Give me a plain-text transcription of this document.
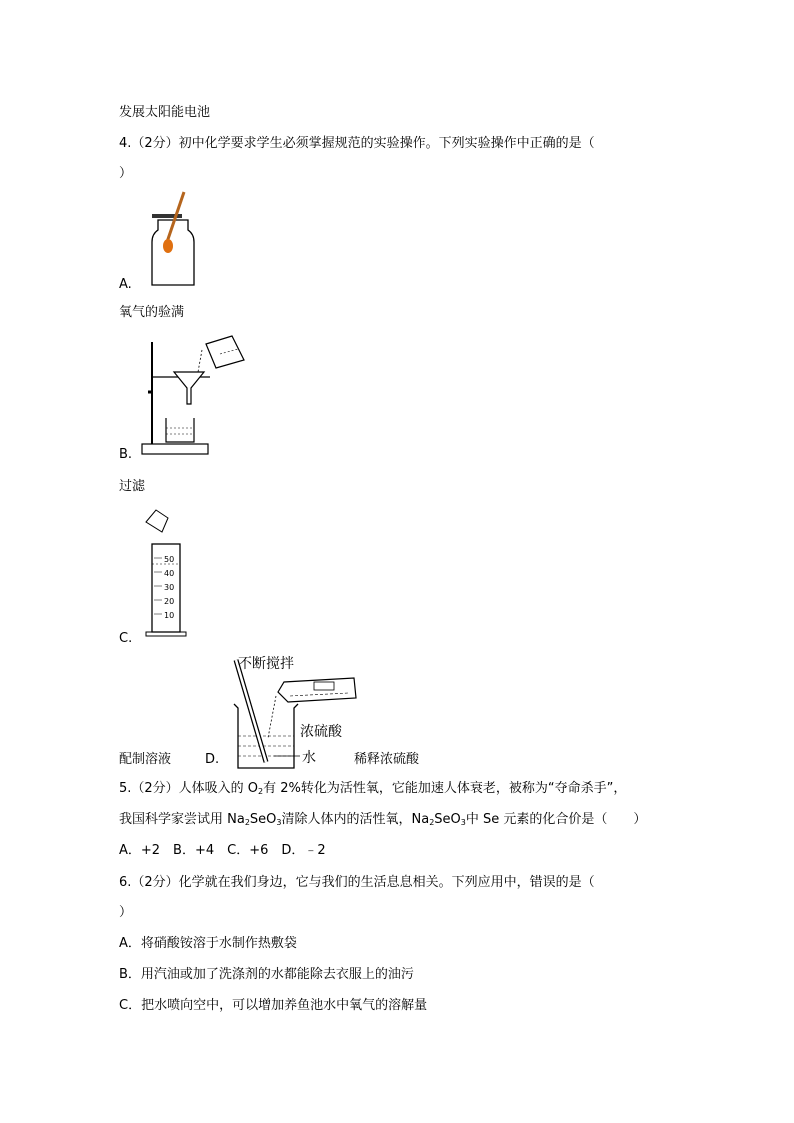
发展太阳能电池
4.（2分）初中化学要求学生必须掌握规范的实验操作。下列实验操作中正确的是（
）
A.
氧气的验满
B.
过滤
50
40
30
20
10
C.
不断搅拌
浓硫酸
水
配制溶液	D.	稀释浓硫酸
5.（2分）人体吸入的 $O_2$有 2%转化为活性氧，它能加速人体衰老，被称为“夺命杀手”，
我国科学家尝试用 $Na_2SeO_3$清除人体内的活性氧，$Na_2SeO_3$中 Se 元素的化合价是（　　）
A．+2　B．+4　C．+6　D．﹣2
6.（2分）化学就在我们身边，它与我们的生活息息相关。下列应用中，错误的是（
）
A．将硝酸铵溶于水制作热敷袋
B．用汽油或加了洗涤剂的水都能除去衣服上的油污
C．把水喷向空中，可以增加养鱼池水中氧气的溶解量
